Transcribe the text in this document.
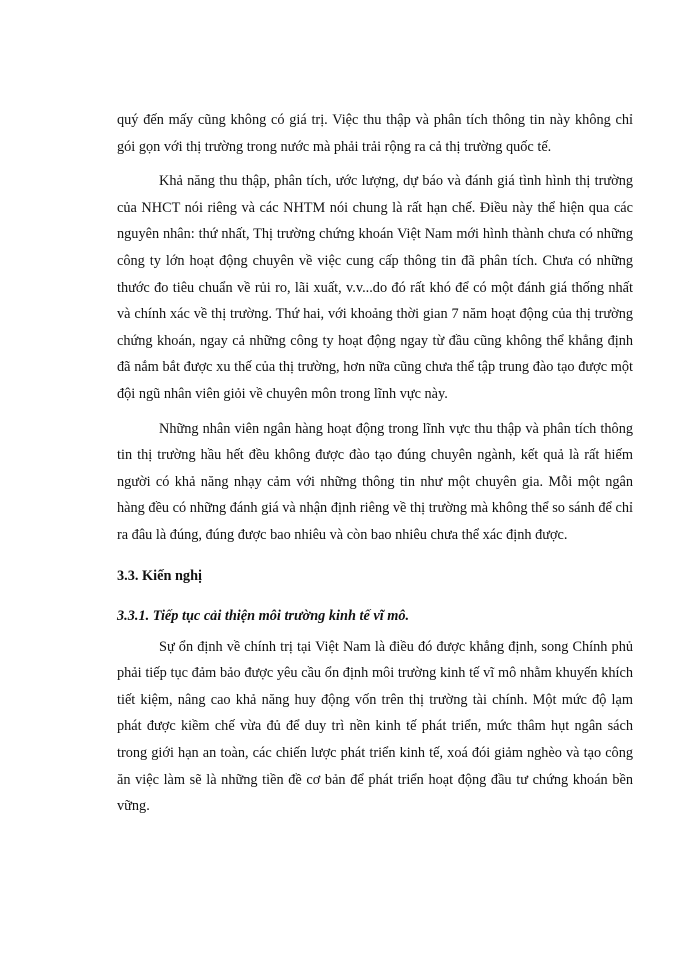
quý đến mấy cũng không có giá trị. Việc thu thập và phân tích thông tin này không chỉ gói gọn với thị trường trong nước mà phải trải rộng ra cả thị trường quốc tế.

Khả năng thu thập, phân tích, ước lượng, dự báo và đánh giá tình hình thị trường của NHCT nói riêng và các NHTM nói chung là rất hạn chế. Điều này thể hiện qua các nguyên nhân: thứ nhất, Thị trường chứng khoán Việt Nam mới hình thành chưa có những công ty lớn hoạt động chuyên về việc cung cấp thông tin đã phân tích. Chưa có những thước đo tiêu chuẩn về rủi ro, lãi xuất, v.v...do đó rất khó để có một đánh giá thống nhất và chính xác về thị trường. Thứ hai, với khoảng thời gian 7 năm hoạt động của thị trường chứng khoán, ngay cả những công ty hoạt động ngay từ đầu cũng không thể khẳng định đã nắm bắt được xu thế của thị trường, hơn nữa cũng chưa thể tập trung đào tạo được một đội ngũ nhân viên giỏi về chuyên môn trong lĩnh vực này.

Những nhân viên ngân hàng hoạt động trong lĩnh vực thu thập và phân tích thông tin thị trường hầu hết đều không được đào tạo đúng chuyên ngành, kết quả là rất hiếm người có khả năng nhạy cảm với những thông tin như một chuyên gia. Mỗi một ngân hàng đều có những đánh giá và nhận định riêng về thị trường mà không thể so sánh để chỉ ra đâu là đúng, đúng được bao nhiêu và còn bao nhiêu chưa thể xác định được.

3.3. Kiến nghị
3.3.1. Tiếp tục cải thiện môi trường kinh tế vĩ mô.

Sự ổn định về chính trị tại Việt Nam là điều đó được khẳng định, song Chính phủ phải tiếp tục đảm bảo được yêu cầu ổn định môi trường kinh tế vĩ mô nhằm khuyến khích tiết kiệm, nâng cao khả năng huy động vốn trên thị trường tài chính. Một mức độ lạm phát được kiềm chế vừa đủ để duy trì nền kinh tế phát triển, mức thâm hụt ngân sách trong giới hạn an toàn, các chiến lược phát triển kinh tế, xoá đói giảm nghèo và tạo công ăn việc làm sẽ là những tiền đề cơ bản để phát triển hoạt động đầu tư chứng khoán bền vững.
